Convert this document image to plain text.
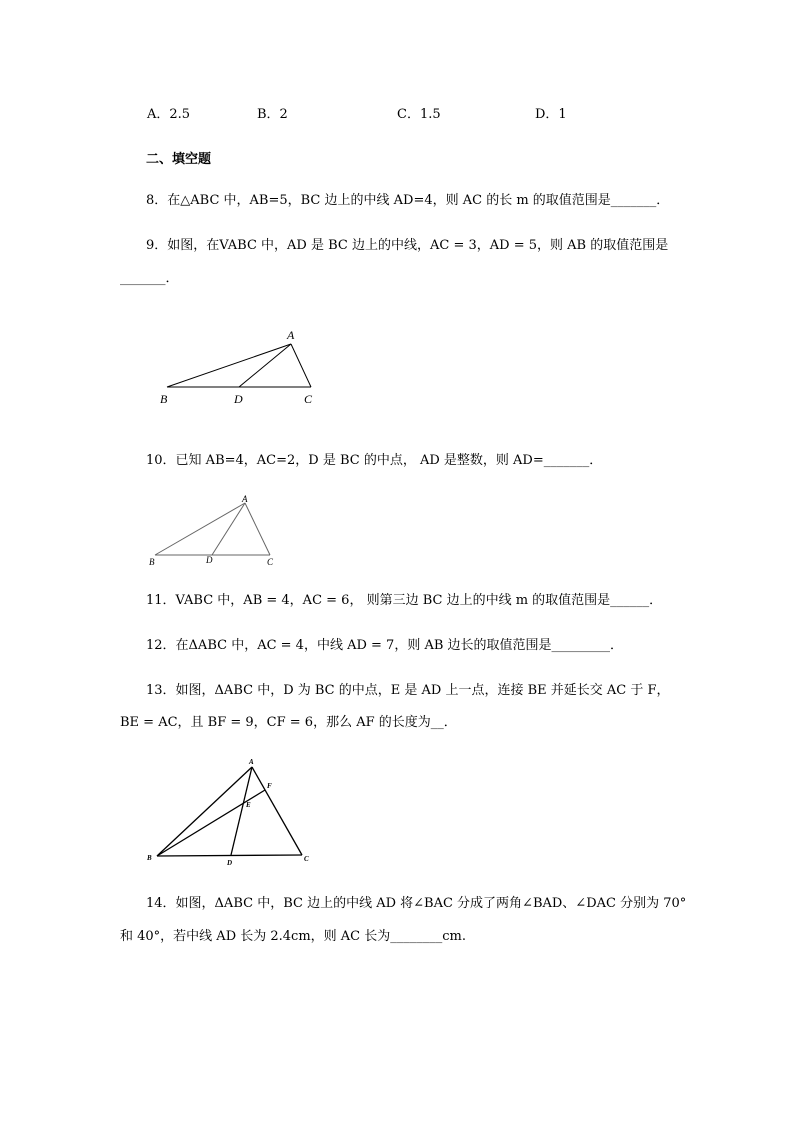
A．2.5	B．2	C．1.5	D．1
二、填空题
8．在△ABC 中，AB=5，BC 边上的中线 AD=4，则 AC 的长 m 的取值范围是_______．
9．如图，在VABC 中，AD 是 BC 边上的中线，AC = 3，AD = 5，则 AB 的取值范围是
_______．
A
B	D	C
10．已知 AB=4，AC=2，D 是 BC 的中点， AD 是整数，则 AD=_______．
A
B	D	C
11．VABC 中，AB = 4，AC = 6， 则第三边 BC 边上的中线 m 的取值范围是______．
12．在ΔABC 中，AC = 4，中线 AD = 7，则 AB 边长的取值范围是_________．
13．如图，ΔABC 中，D 为 BC 的中点，E 是 AD 上一点，连接 BE 并延长交 AC 于 F，
BE = AC，且 BF = 9，CF = 6，那么 AF 的长度为__．
A
B
D	C
E
F
14．如图，ΔABC 中，BC 边上的中线 AD 将∠BAC 分成了两角∠BAD、∠DAC 分别为 70°
和 40°，若中线 AD 长为 2.4cm，则 AC 长为________cm.
